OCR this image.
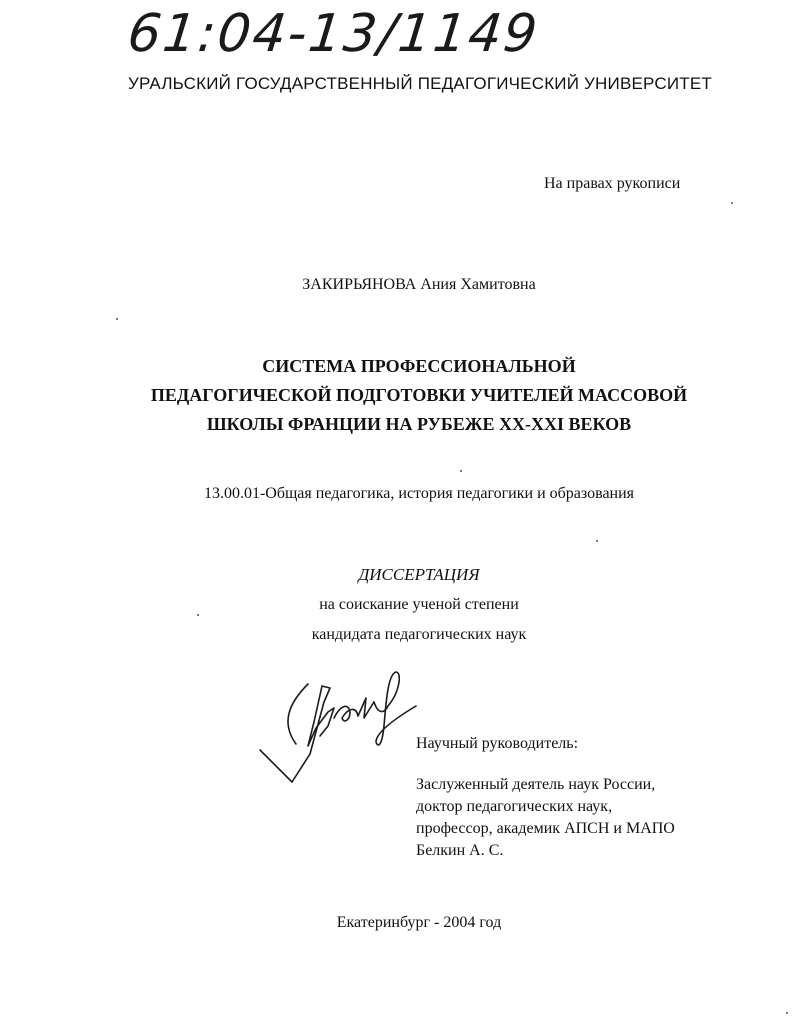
61:04-13/1149
УРАЛЬСКИЙ ГОСУДАРСТВЕННЫЙ ПЕДАГОГИЧЕСКИЙ УНИВЕРСИТЕТ
На правах рукописи
ЗАКИРЬЯНОВА Ания Хамитовна
СИСТЕМА ПРОФЕССИОНАЛЬНОЙ
ПЕДАГОГИЧЕСКОЙ ПОДГОТОВКИ УЧИТЕЛЕЙ МАССОВОЙ
ШКОЛЫ ФРАНЦИИ НА РУБЕЖЕ XX-XXI ВЕКОВ
13.00.01-Общая педагогика, история педагогики и образования
ДИССЕРТАЦИЯ
на соискание ученой степени
кандидата педагогических наук
Научный руководитель:
Заслуженный деятель наук России,
доктор педагогических наук,
профессор, академик АПСН и МАПО
Белкин А. С.
Екатеринбург - 2004 год
